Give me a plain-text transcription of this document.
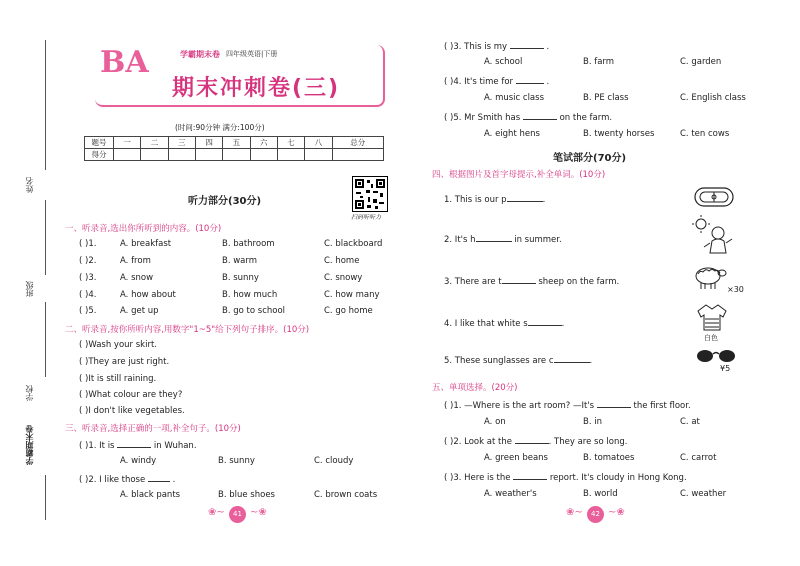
姓名
班级
学校
学霸期末卷
BA	学霸期末卷 四年级英语|下册
期末冲刺卷(三)
(时间:90分钟 满分:100分)
题号	一	二	三	四	五	六	七	八	总分
得分									
扫码听听力
听力部分(30分)
一、听录音,选出你所听到的内容。(10分)
( )1.	A. breakfast	B. bathroom	C. blackboard
( )2.	A. from	B. warm	C. home
( )3.	A. snow	B. sunny	C. snowy
( )4.	A. how about	B. how much	C. how many
( )5.	A. get up	B. go to school	C. go home
二、听录音,按你所听内容,用数字"1~5"给下列句子排序。(10分)
( )Wash your skirt.
( )They are just right.
( )It is still raining.
( )What colour are they?
( )I don't like vegetables.
三、听录音,选择正确的一项,补全句子。(10分)
( )1. It is	in Wuhan.
A. windy	B. sunny	C. cloudy
( )2. I like those	.
A. black pants	B. blue shoes	C. brown coats
❀~	41 ~❀
( )3. This is my	.
A. school	B. farm	C. garden
( )4. It's time for	.
A. music class	B. PE class	C. English class
( )5. Mr Smith has	on the farm.
A. eight hens	B. twenty horses	C. ten cows
笔试部分(70分)
四、根据图片及首字母提示,补全单词。(10分)
1. This is our p	.
2. It's h	in summer.
3. There are t	sheep on the farm.
4. I like that white s	.
5. These sunglasses are c	.
×30
白色
¥5
五、单项选择。(20分)
( )1. —Where is the art room? —It's	the first floor.
A. on	B. in	C. at
( )2. Look at the	. They are so long.
A. green beans	B. tomatoes	C. carrot
( )3. Here is the	report. It's cloudy in Hong Kong.
A. weather's	B. world	C. weather
❀~	42 ~❀
